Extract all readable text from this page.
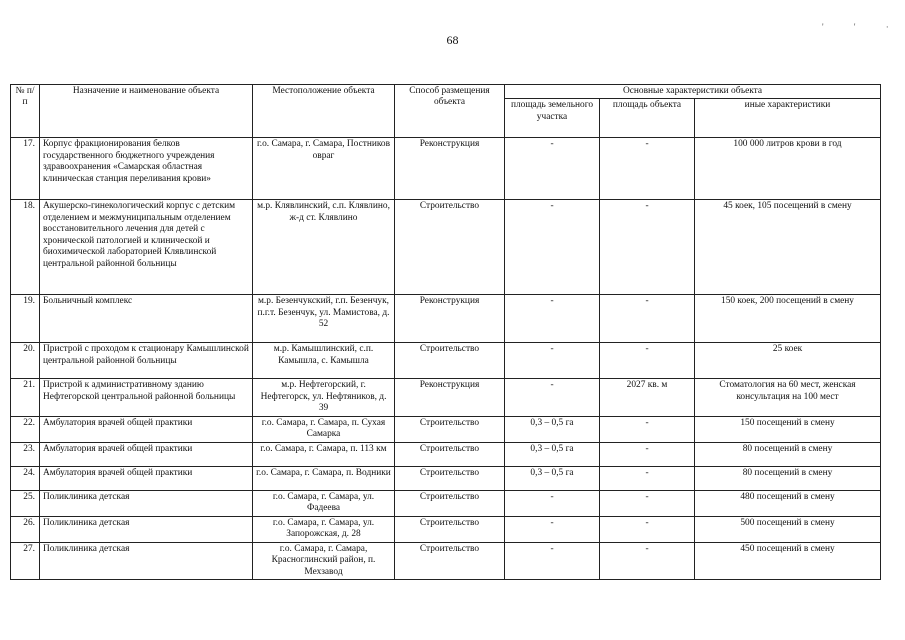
' ' ·
68
№ п/п	Назначение и наименование объекта	Местоположение объекта	Способ размещения объекта	Основные характеристики объекта		
				площадь земельного участка	площадь объекта	иные характеристики
17.	Корпус фракционирования белков государственного бюджетного учреждения здравоохранения «Самарская областная клиническая станция переливания крови»	г.о. Самара, г. Самара, Постников овраг	Реконструкция	-	-	100 000 литров крови в год
18.	Акушерско-гинекологический корпус с детским отделением и межмуниципальным отделением восстановительного лечения для детей с хронической патологией и клинической и биохимической лабораторией Клявлинской центральной районной больницы	м.р. Клявлинский, с.п. Клявлино, ж-д ст. Клявлино	Строительство	-	-	45 коек, 105 посещений в смену
19.	Больничный комплекс	м.р. Безенчукский, г.п. Безенчук, п.г.т. Безенчук, ул. Мамистова, д. 52	Реконструкция	-	-	150 коек, 200 посещений в смену
20.	Пристрой с проходом к стационару Камышлинской центральной районной больницы	м.р. Камышлинский, с.п. Камышла, с. Камышла	Строительство	-	-	25 коек
21.	Пристрой к административному зданию Нефтегорской центральной районной больницы	м.р. Нефтегорский, г. Нефтегорск, ул. Нефтяников, д. 39	Реконструкция	-	2027 кв. м	Стоматология на 60 мест, женская консультация на 100 мест
22.	Амбулатория врачей общей практики	г.о. Самара, г. Самара, п. Сухая Самарка	Строительство	0,3 – 0,5 га	-	150 посещений в смену
23.	Амбулатория врачей общей практики	г.о. Самара, г. Самара, п. 113 км	Строительство	0,3 – 0,5 га	-	80 посещений в смену
24.	Амбулатория врачей общей практики	г.о. Самара, г. Самара, п. Водники	Строительство	0,3 – 0,5 га	-	80 посещений в смену
25.	Поликлиника детская	г.о. Самара, г. Самара, ул. Фадеева	Строительство	-	-	480 посещений в смену
26.	Поликлиника детская	г.о. Самара, г. Самара, ул. Запорожская, д. 28	Строительство	-	-	500 посещений в смену
27.	Поликлиника детская	г.о. Самара, г. Самара, Красноглинский район, п. Мехзавод	Строительство	-	-	450 посещений в смену
